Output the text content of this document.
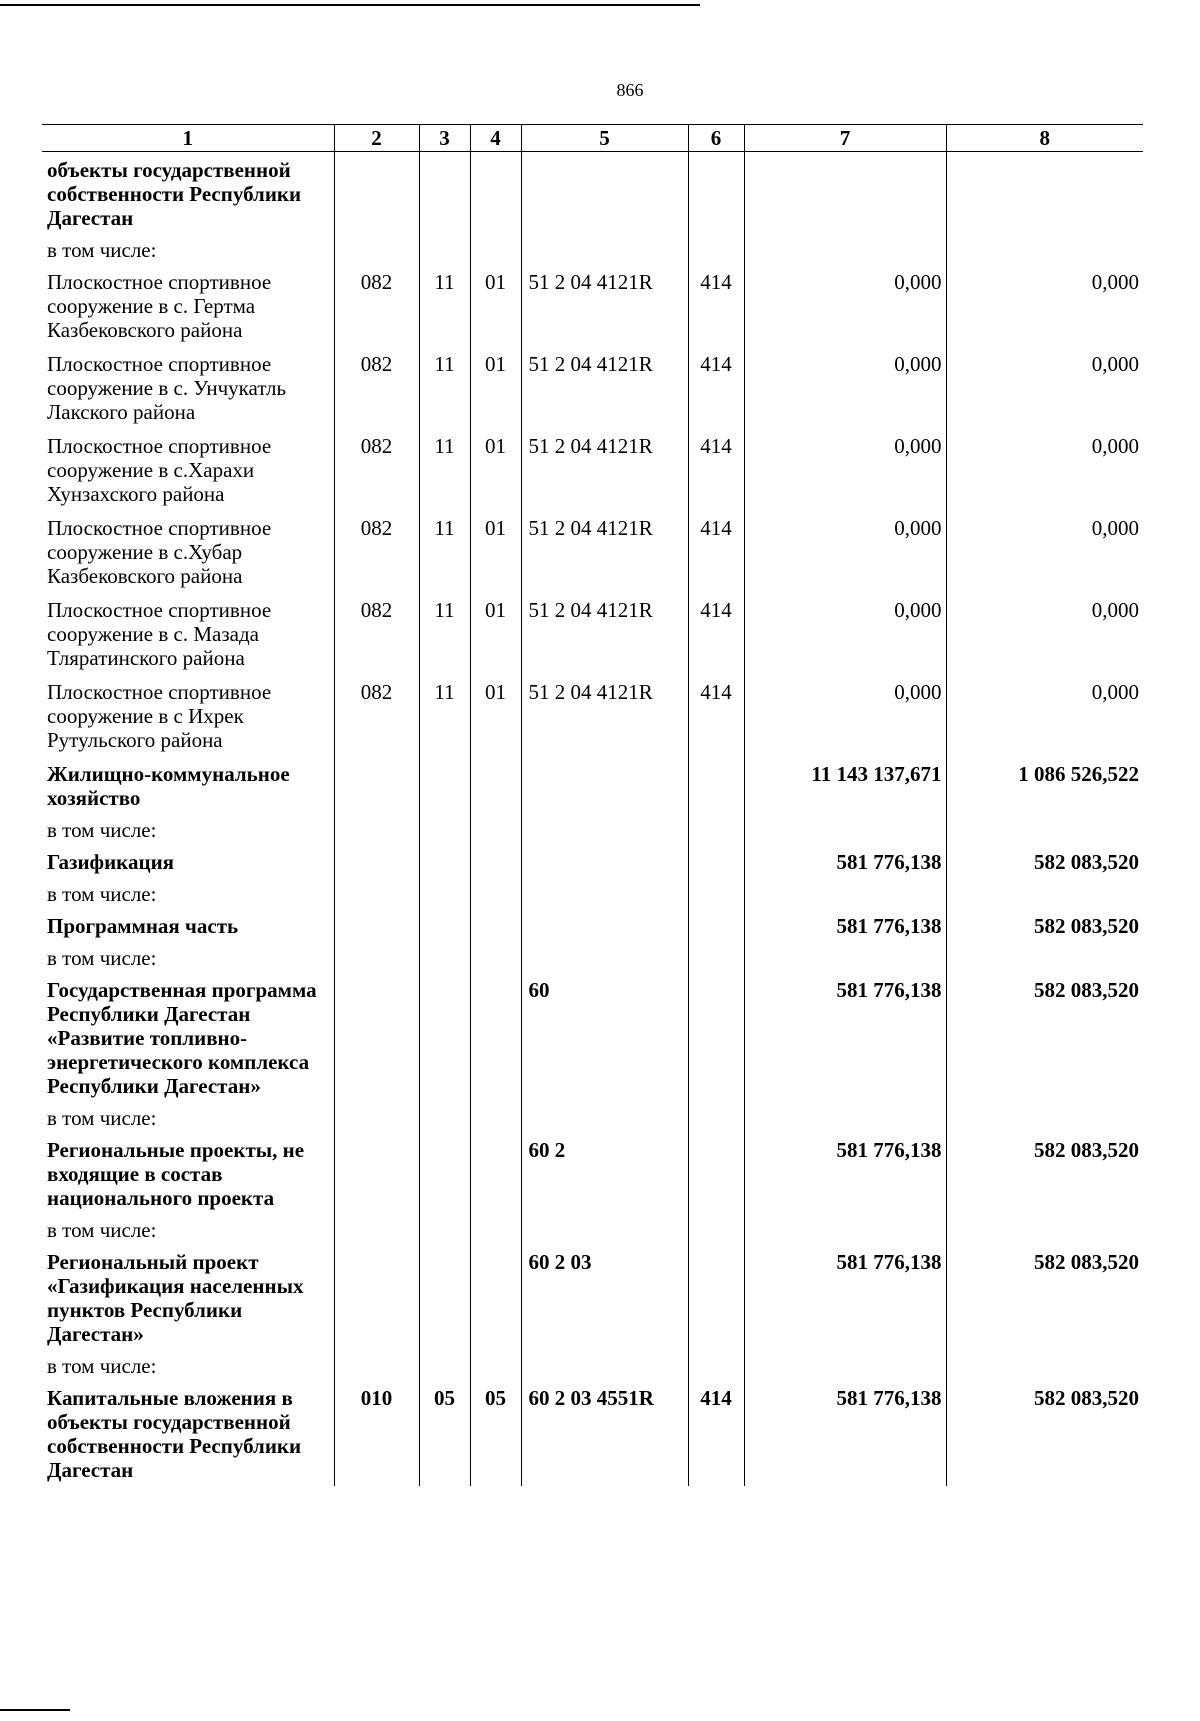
866
1	2	3	4	5	6	7	8
объекты государственной собственности Республики Дагестан							
в том числе:							
Плоскостное спортивное сооружение в с. Гертма Казбековского района	082	11	01	51 2 04 4121R	414	0,000	0,000
Плоскостное спортивное сооружение в с. Унчукатль Лакского района	082	11	01	51 2 04 4121R	414	0,000	0,000
Плоскостное спортивное сооружение в с.Харахи Хунзахского района	082	11	01	51 2 04 4121R	414	0,000	0,000
Плоскостное спортивное сооружение в с.Хубар Казбековского района	082	11	01	51 2 04 4121R	414	0,000	0,000
Плоскостное спортивное сооружение в с. Мазада Тляратинского района	082	11	01	51 2 04 4121R	414	0,000	0,000
Плоскостное спортивное сооружение в с Ихрек Рутульского района	082	11	01	51 2 04 4121R	414	0,000	0,000
Жилищно-коммунальное хозяйство						11 143 137,671	1 086 526,522
в том числе:							
Газификация						581 776,138	582 083,520
в том числе:							
Программная часть						581 776,138	582 083,520
в том числе:							
Государственная программа Республики Дагестан «Развитие топливно-энергетического комплекса Республики Дагестан»				60		581 776,138	582 083,520
в том числе:							
Региональные проекты, не входящие в состав национального проекта				60 2		581 776,138	582 083,520
в том числе:							
Региональный проект «Газификация населенных пунктов Республики Дагестан»				60 2 03		581 776,138	582 083,520
в том числе:							
Капитальные вложения в объекты государственной собственности Республики Дагестан	010	05	05	60 2 03 4551R	414	581 776,138	582 083,520
